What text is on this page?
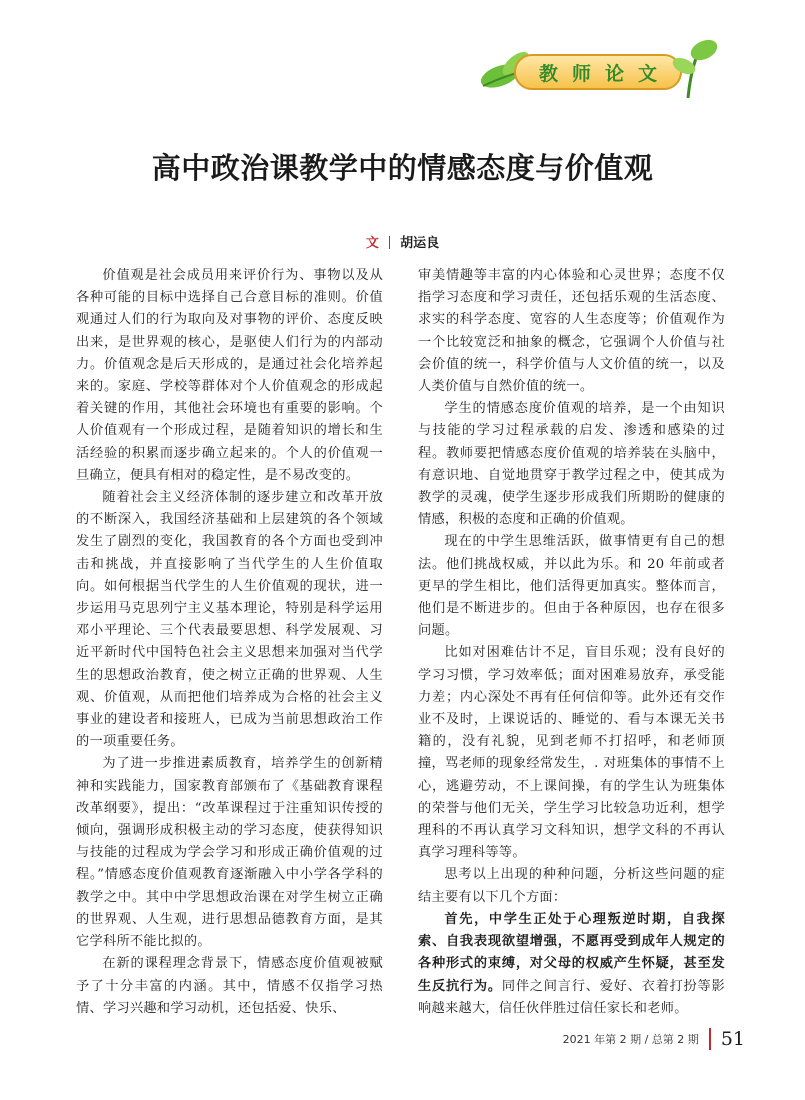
教师论文
高中政治课教学中的情感态度与价值观
文 胡运良

价值观是社会成员用来评价行为、事物以及从各种可能的目标中选择自己合意目标的准则。价值观通过人们的行为取向及对事物的评价、态度反映出来，是世界观的核心，是驱使人们行为的内部动力。价值观念是后天形成的，是通过社会化培养起来的。家庭、学校等群体对个人价值观念的形成起着关键的作用，其他社会环境也有重要的影响。个人价值观有一个形成过程，是随着知识的增长和生活经验的积累而逐步确立起来的。个人的价值观一旦确立，便具有相对的稳定性，是不易改变的。

随着社会主义经济体制的逐步建立和改革开放的不断深入，我国经济基础和上层建筑的各个领域发生了剧烈的变化，我国教育的各个方面也受到冲击和挑战，并直接影响了当代学生的人生价值取向。如何根据当代学生的人生价值观的现状，进一步运用马克思列宁主义基本理论，特别是科学运用邓小平理论、三个代表最要思想、科学发展观、习近平新时代中国特色社会主义思想来加强对当代学生的思想政治教育，使之树立正确的世界观、人生观、价值观，从而把他们培养成为合格的社会主义事业的建设者和接班人，已成为当前思想政治工作的一项重要任务。

为了进一步推进素质教育，培养学生的创新精神和实践能力，国家教育部颁布了《基础教育课程改革纲要》，提出：“改革课程过于注重知识传授的倾向，强调形成积极主动的学习态度，使获得知识与技能的过程成为学会学习和形成正确价值观的过程。”情感态度价值观教育逐渐融入中小学各学科的教学之中。其中中学思想政治课在对学生树立正确的世界观、人生观，进行思想品德教育方面，是其它学科所不能比拟的。

在新的课程理念背景下，情感态度价值观被赋予了十分丰富的内涵。其中，情感不仅指学习热情、学习兴趣和学习动机，还包括爱、快乐、

审美情趣等丰富的内心体验和心灵世界；态度不仅指学习态度和学习责任，还包括乐观的生活态度、求实的科学态度、宽容的人生态度等；价值观作为一个比较宽泛和抽象的概念，它强调个人价值与社会价值的统一，科学价值与人文价值的统一，以及人类价值与自然价值的统一。

学生的情感态度价值观的培养，是一个由知识与技能的学习过程承载的启发、渗透和感染的过程。教师要把情感态度价值观的培养装在头脑中，有意识地、自觉地贯穿于教学过程之中，使其成为教学的灵魂，使学生逐步形成我们所期盼的健康的情感，积极的态度和正确的价值观。

现在的中学生思维活跃，做事情更有自己的想法。他们挑战权威，并以此为乐。和 20 年前或者更早的学生相比，他们活得更加真实。整体而言，他们是不断进步的。但由于各种原因，也存在很多问题。

比如对困难估计不足，盲目乐观；没有良好的学习习惯，学习效率低；面对困难易放弃，承受能力差；内心深处不再有任何信仰等。此外还有交作业不及时，上课说话的、睡觉的、看与本课无关书籍的，没有礼貌，见到老师不打招呼，和老师顶撞，骂老师的现象经常发生，. 对班集体的事情不上心，逃避劳动，不上课间操，有的学生认为班集体的荣誉与他们无关，学生学习比较急功近利，想学理科的不再认真学习文科知识，想学文科的不再认真学习理科等等。

思考以上出现的种种问题，分析这些问题的症结主要有以下几个方面：

首先，中学生正处于心理叛逆时期，自我探索、自我表现欲望增强，不愿再受到成年人规定的各种形式的束缚，对父母的权威产生怀疑，甚至发生反抗行为。同伴之间言行、爱好、衣着打扮等影响越来越大，信任伙伴胜过信任家长和老师。

2021 年第 2 期 / 总第 2 期 51
